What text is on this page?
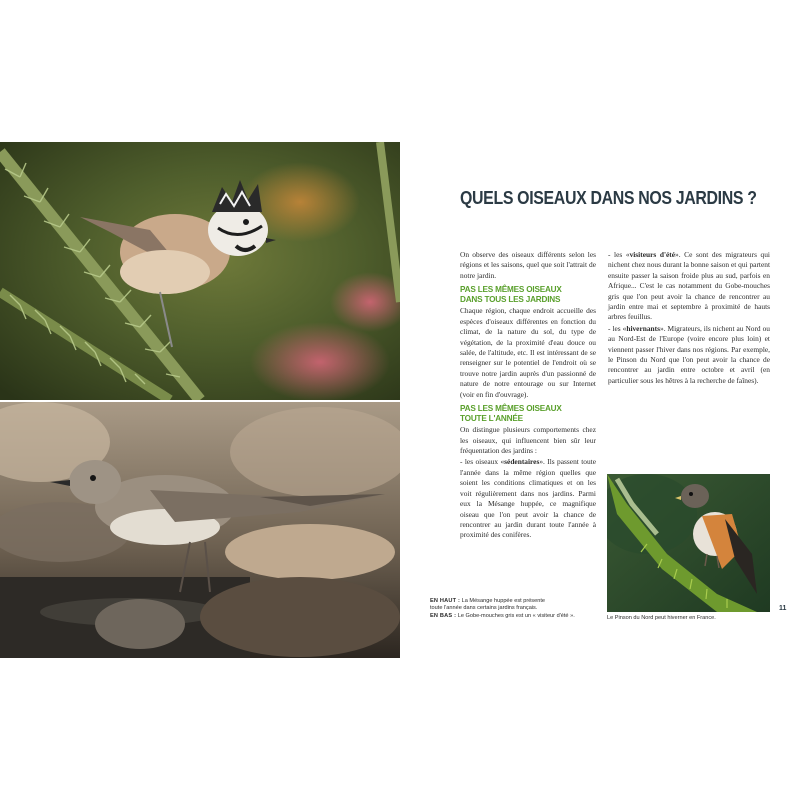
QUELS OISEAUX DANS NOS JARDINS ?

On observe des oiseaux différents selon les régions et les saisons, quel que soit l'attrait de notre jardin.

PAS LES MÊMES OISEAUX
DANS TOUS LES JARDINS

Chaque région, chaque endroit accueille des espèces d'oiseaux différentes en fonction du climat, de la nature du sol, du type de végétation, de la proximité d'eau douce ou salée, de l'altitude, etc. Il est intéressant de se renseigner sur le potentiel de l'endroit où se trouve notre jardin auprès d'un passionné de nature de notre entourage ou sur Internet (voir en fin d'ouvrage).

PAS LES MÊMES OISEAUX
TOUTE L'ANNÉE

On distingue plusieurs comportements chez les oiseaux, qui influencent bien sûr leur fréquentation des jardins :

- les oiseaux «sédentaires». Ils passent toute l'année dans la même région quelles que soient les conditions climatiques et on les voit régulièrement dans nos jardins. Parmi eux la Mésange huppée, ce magnifique oiseau que l'on peut avoir la chance de rencontrer au jardin durant toute l'année à proximité des conifères.

- les «visiteurs d'été». Ce sont des migrateurs qui nichent chez nous durant la bonne saison et qui partent ensuite passer la saison froide plus au sud, parfois en Afrique... C'est le cas notamment du Gobe-mouches gris que l'on peut avoir la chance de rencontrer au jardin entre mai et septembre à proximité de hauts arbres feuillus.

- les «hivernants». Migrateurs, ils nichent au Nord ou au Nord-Est de l'Europe (voire encore plus loin) et viennent passer l'hiver dans nos régions. Par exemple, le Pinson du Nord que l'on peut avoir la chance de rencontrer au jardin entre octobre et avril (en particulier sous les hêtres à la recherche de faînes).

EN HAUT : La Mésange huppée est présente
toute l'année dans certains jardins français.
EN BAS : Le Gobe-mouches gris est un « visiteur d'été ».	Le Pinson du Nord peut hiverner en France.
11
